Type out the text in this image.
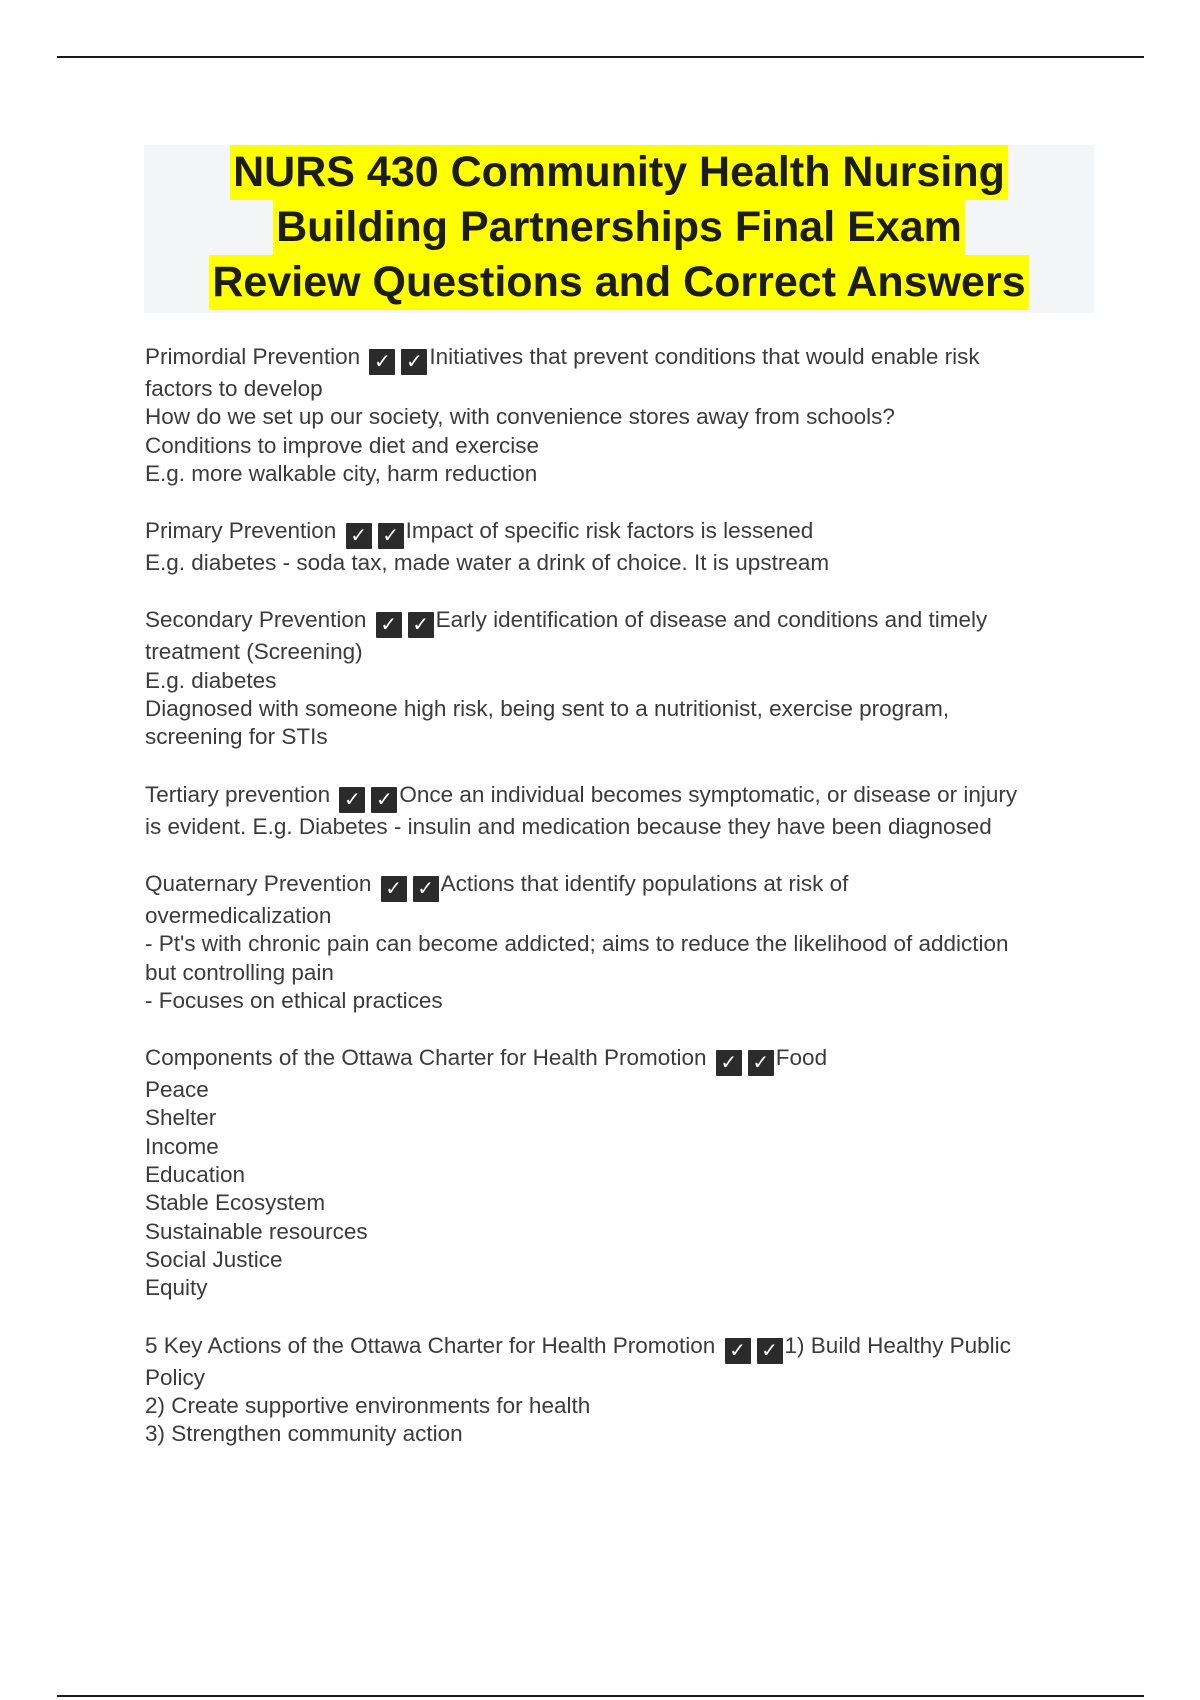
NURS 430 Community Health Nursing
Building Partnerships Final Exam
Review Questions and Correct Answers
Primordial Prevention ✓ ✓ Initiatives that prevent conditions that would enable risk
factors to develop
How do we set up our society, with convenience stores away from schools?
Conditions to improve diet and exercise
E.g. more walkable city, harm reduction
Primary Prevention ✓ ✓ Impact of specific risk factors is lessened
E.g. diabetes - soda tax, made water a drink of choice. It is upstream
Secondary Prevention ✓ ✓ Early identification of disease and conditions and timely
treatment (Screening)
E.g. diabetes
Diagnosed with someone high risk, being sent to a nutritionist, exercise program,
screening for STIs
Tertiary prevention ✓ ✓ Once an individual becomes symptomatic, or disease or injury
is evident. E.g. Diabetes - insulin and medication because they have been diagnosed
Quaternary Prevention ✓ ✓ Actions that identify populations at risk of
overmedicalization
- Pt's with chronic pain can become addicted; aims to reduce the likelihood of addiction
but controlling pain
- Focuses on ethical practices
Components of the Ottawa Charter for Health Promotion ✓ ✓ Food
Peace
Shelter
Income
Education
Stable Ecosystem
Sustainable resources
Social Justice
Equity
5 Key Actions of the Ottawa Charter for Health Promotion ✓ ✓ 1) Build Healthy Public
Policy
2) Create supportive environments for health
3) Strengthen community action
